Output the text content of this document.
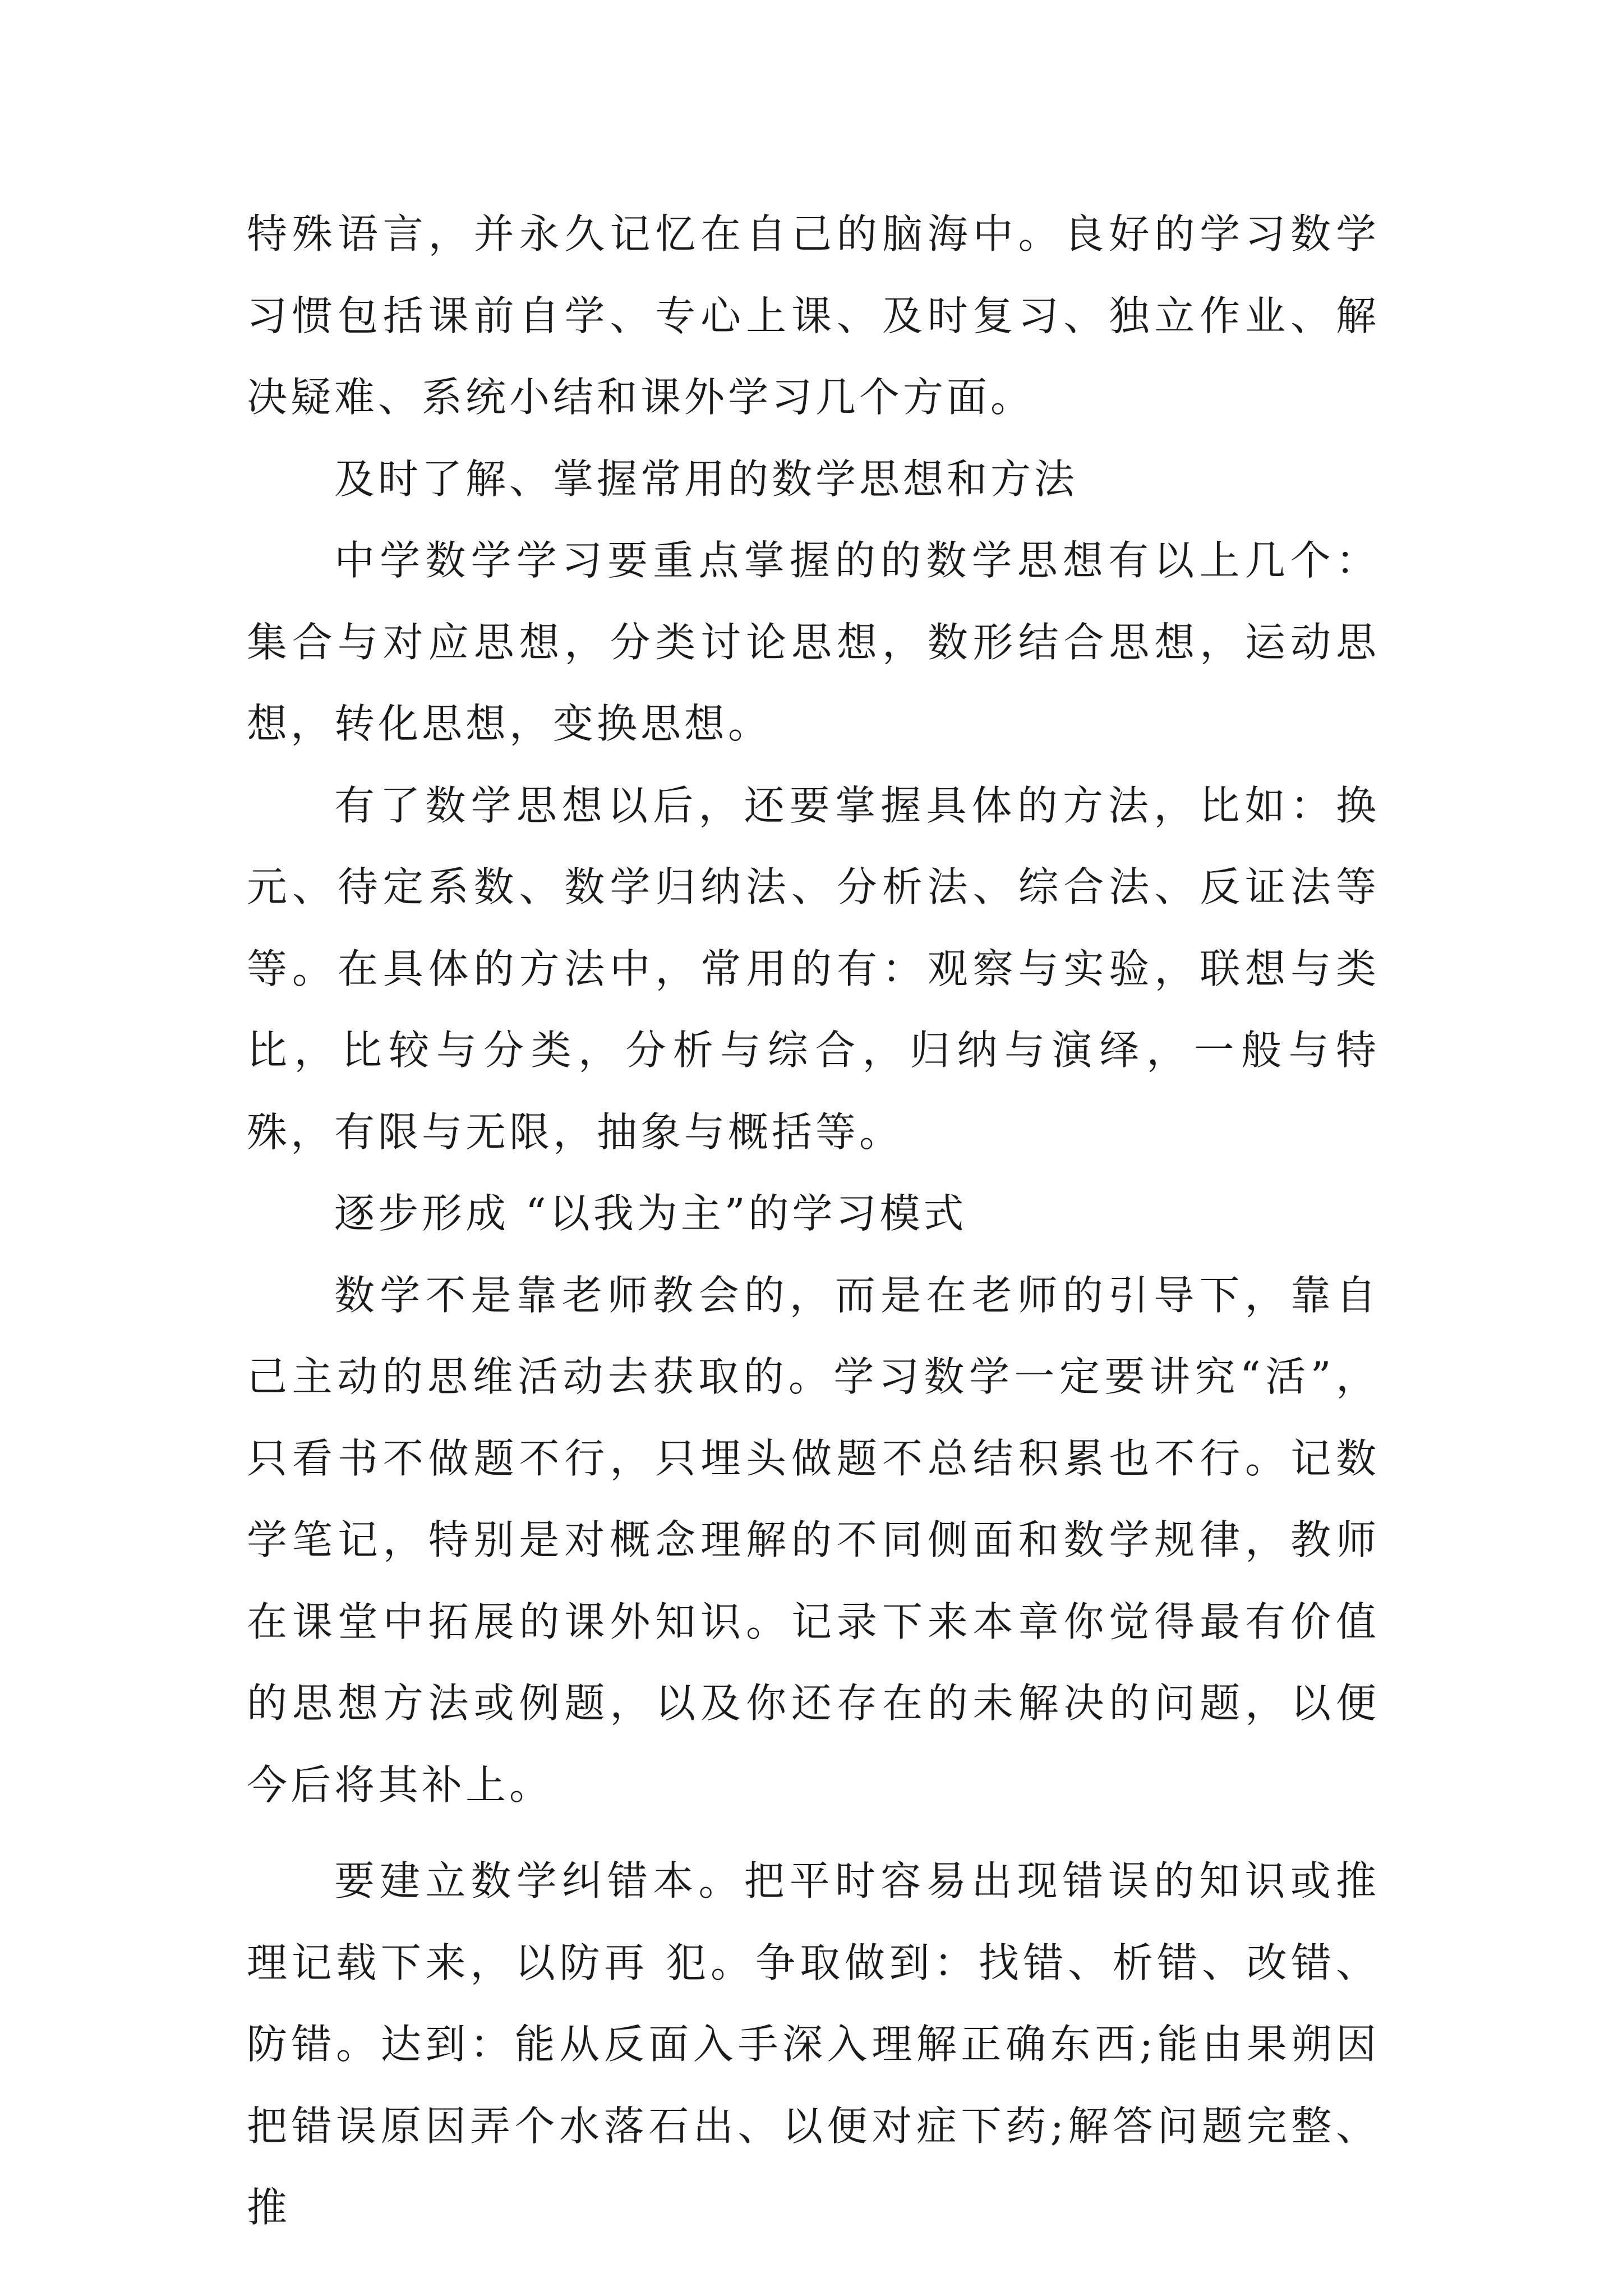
特殊语言，并永久记忆在自己的脑海中。良好的学习数学习惯包括课前自学、专心上课、及时复习、独立作业、解决疑难、系统小结和课外学习几个方面。

及时了解、掌握常用的数学思想和方法

中学数学学习要重点掌握的的数学思想有以上几个：集合与对应思想，分类讨论思想，数形结合思想，运动思想，转化思想，变换思想。

有了数学思想以后，还要掌握具体的方法，比如：换元、待定系数、数学归纳法、分析法、综合法、反证法等等。在具体的方法中，常用的有：观察与实验，联想与类比，比较与分类，分析与综合，归纳与演绎，一般与特殊，有限与无限，抽象与概括等。

逐步形成 “以我为主”的学习模式

数学不是靠老师教会的，而是在老师的引导下，靠自己主动的思维活动去获取的。学习数学一定要讲究“活”，只看书不做题不行，只埋头做题不总结积累也不行。记数学笔记，特别是对概念理解的不同侧面和数学规律，教师在课堂中拓展的课外知识。记录下来本章你觉得最有价值的思想方法或例题，以及你还存在的未解决的问题，以便今后将其补上。

要建立数学纠错本。把平时容易出现错误的知识或推理记载下来，以防再 犯。争取做到：找错、析错、改错、防错。达到：能从反面入手深入理解正确东西;能由果朔因把错误原因弄个水落石出、以便对症下药;解答问题完整、推
